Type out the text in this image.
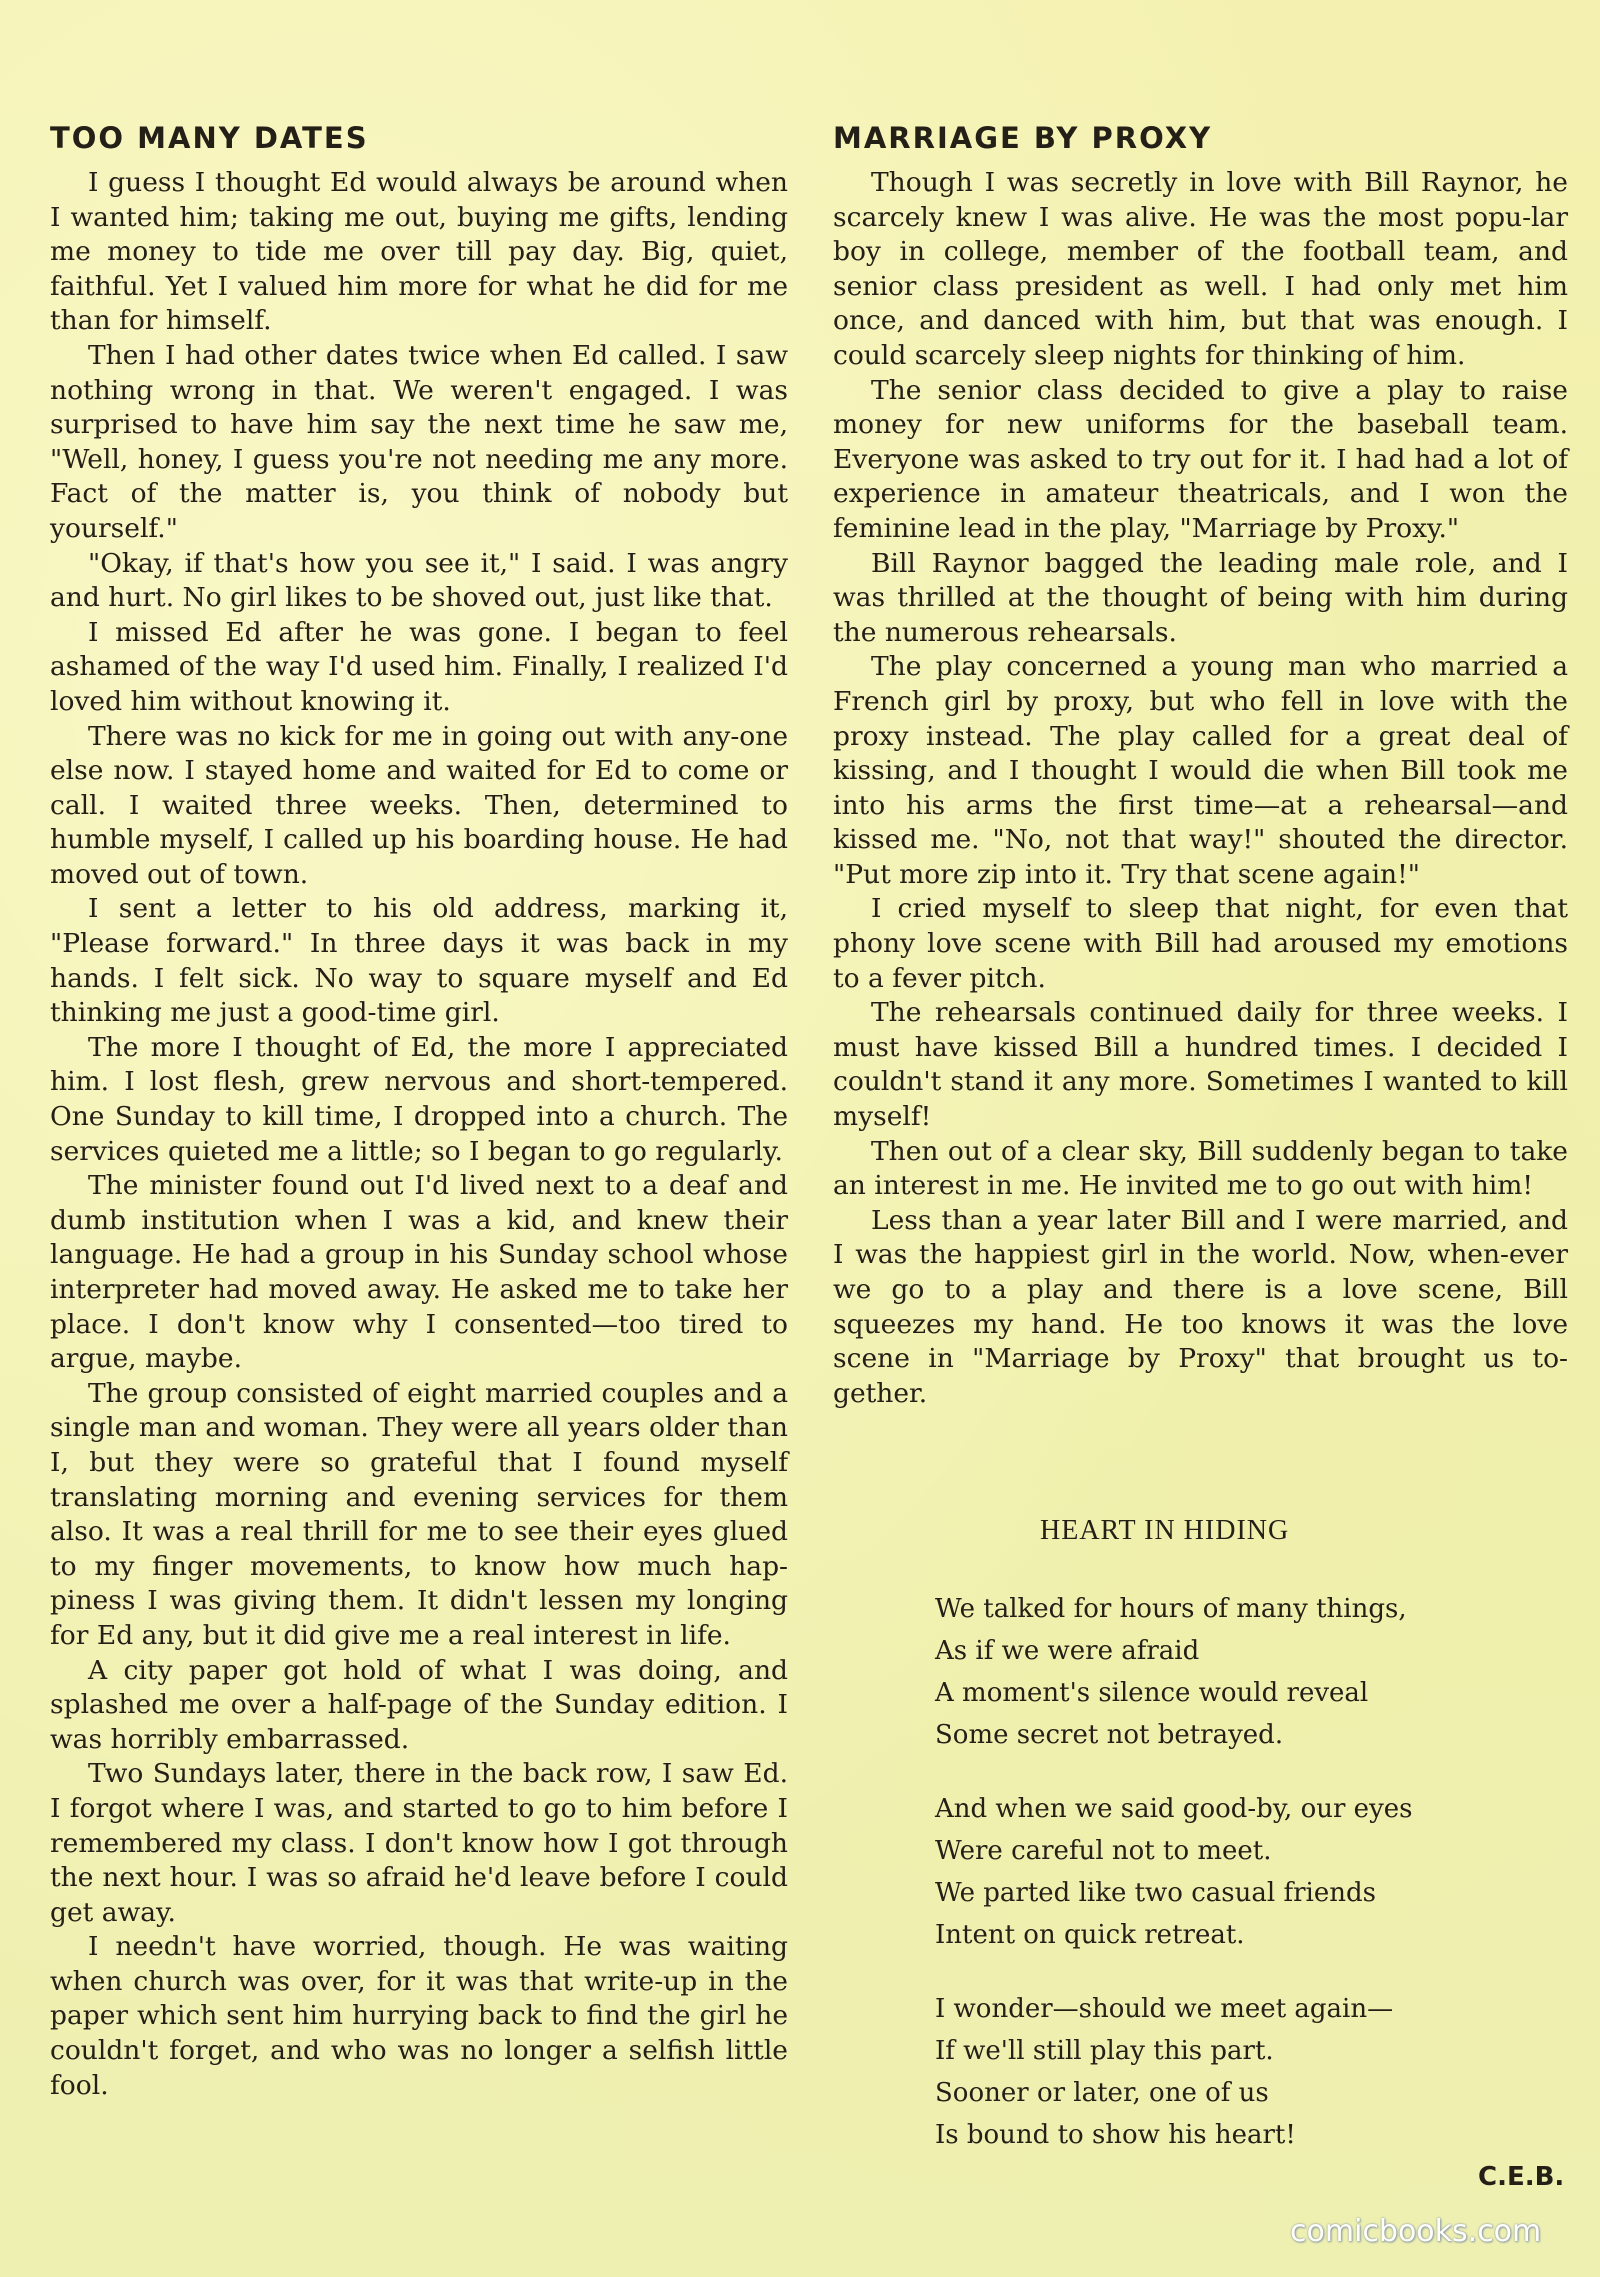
TOO MANY DATES

I guess I thought Ed would always be around when I wanted him; taking me out, buying me gifts, lending me money to tide me over till pay day. Big, quiet, faithful. Yet I valued him more for what he did for me than for himself.

Then I had other dates twice when Ed called. I saw nothing wrong in that. We weren't engaged. I was surprised to have him say the next time he saw me, "Well, honey, I guess you're not needing me any more. Fact of the matter is, you think of nobody but yourself."

"Okay, if that's how you see it," I said. I was angry and hurt. No girl likes to be shoved out, just like that.

I missed Ed after he was gone. I began to feel ashamed of the way I'd used him. Finally, I realized I'd loved him without knowing it.

There was no kick for me in going out with any-one else now. I stayed home and waited for Ed to come or call. I waited three weeks. Then, determined to humble myself, I called up his boarding house. He had moved out of town.

I sent a letter to his old address, marking it, "Please forward." In three days it was back in my hands. I felt sick. No way to square myself and Ed thinking me just a good-time girl.

The more I thought of Ed, the more I appreciated him. I lost flesh, grew nervous and short-tempered. One Sunday to kill time, I dropped into a church. The services quieted me a little; so I began to go regularly.

The minister found out I'd lived next to a deaf and dumb institution when I was a kid, and knew their language. He had a group in his Sunday school whose interpreter had moved away. He asked me to take her place. I don't know why I consented—too tired to argue, maybe.

The group consisted of eight married couples and a single man and woman. They were all years older than I, but they were so grateful that I found myself translating morning and evening services for them also. It was a real thrill for me to see their eyes glued to my finger movements, to know how much hap-piness I was giving them. It didn't lessen my longing for Ed any, but it did give me a real interest in life.

A city paper got hold of what I was doing, and splashed me over a half-page of the Sunday edition. I was horribly embarrassed.

Two Sundays later, there in the back row, I saw Ed. I forgot where I was, and started to go to him before I remembered my class. I don't know how I got through the next hour. I was so afraid he'd leave before I could get away.

I needn't have worried, though. He was waiting when church was over, for it was that write-up in the paper which sent him hurrying back to find the girl he couldn't forget, and who was no longer a selfish little fool.

MARRIAGE BY PROXY

Though I was secretly in love with Bill Raynor, he scarcely knew I was alive. He was the most popu-lar boy in college, member of the football team, and senior class president as well. I had only met him once, and danced with him, but that was enough. I could scarcely sleep nights for thinking of him.

The senior class decided to give a play to raise money for new uniforms for the baseball team. Everyone was asked to try out for it. I had had a lot of experience in amateur theatricals, and I won the feminine lead in the play, "Marriage by Proxy."

Bill Raynor bagged the leading male role, and I was thrilled at the thought of being with him during the numerous rehearsals.

The play concerned a young man who married a French girl by proxy, but who fell in love with the proxy instead. The play called for a great deal of kissing, and I thought I would die when Bill took me into his arms the first time—at a rehearsal—and kissed me. "No, not that way!" shouted the director. "Put more zip into it. Try that scene again!"

I cried myself to sleep that night, for even that phony love scene with Bill had aroused my emotions to a fever pitch.

The rehearsals continued daily for three weeks. I must have kissed Bill a hundred times. I decided I couldn't stand it any more. Sometimes I wanted to kill myself!

Then out of a clear sky, Bill suddenly began to take an interest in me. He invited me to go out with him!

Less than a year later Bill and I were married, and I was the happiest girl in the world. Now, when-ever we go to a play and there is a love scene, Bill squeezes my hand. He too knows it was the love scene in "Marriage by Proxy" that brought us to-gether.

HEART IN HIDING
We talked for hours of many things,
As if we were afraid
A moment's silence would reveal
Some secret not betrayed.
And when we said good-by, our eyes
Were careful not to meet.
We parted like two casual friends
Intent on quick retreat.
I wonder—should we meet again—
If we'll still play this part.
Sooner or later, one of us
Is bound to show his heart!
C.E.B.
comicbooks.com
